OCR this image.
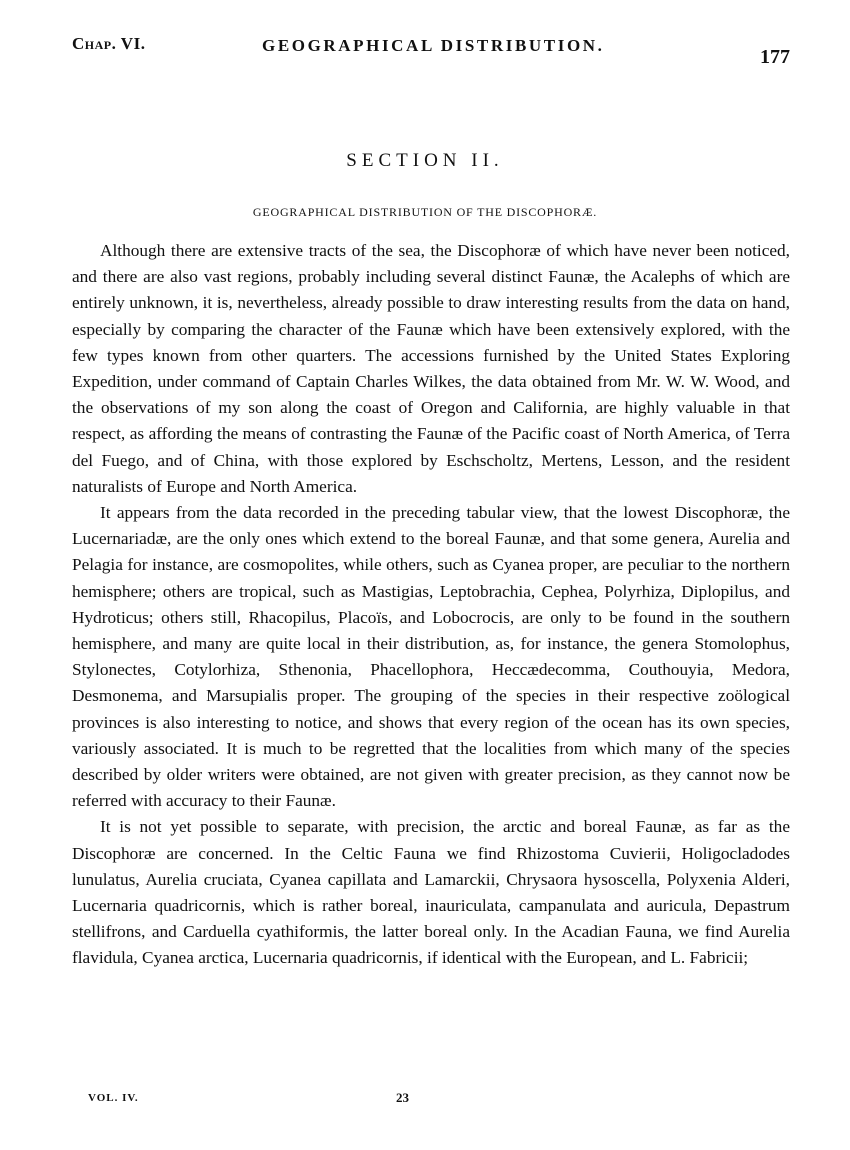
Chap. VI.	GEOGRAPHICAL DISTRIBUTION.
177
SECTION II.
GEOGRAPHICAL DISTRIBUTION OF THE DISCOPHORÆ.

Although there are extensive tracts of the sea, the Discophoræ of which have never been noticed, and there are also vast regions, probably including several distinct Faunæ, the Acalephs of which are entirely unknown, it is, nevertheless, already possible to draw interesting results from the data on hand, especially by comparing the character of the Faunæ which have been extensively explored, with the few types known from other quarters. The accessions furnished by the United States Exploring Expedition, under command of Captain Charles Wilkes, the data obtained from Mr. W. W. Wood, and the observations of my son along the coast of Oregon and California, are highly valuable in that respect, as affording the means of contrasting the Faunæ of the Pacific coast of North America, of Terra del Fuego, and of China, with those explored by Eschscholtz, Mertens, Lesson, and the resident naturalists of Europe and North America.

It appears from the data recorded in the preceding tabular view, that the lowest Discophoræ, the Lucernariadæ, are the only ones which extend to the boreal Faunæ, and that some genera, Aurelia and Pelagia for instance, are cosmopolites, while others, such as Cyanea proper, are peculiar to the northern hemisphere; others are tropical, such as Mastigias, Leptobrachia, Cephea, Polyrhiza, Diplopilus, and Hydroticus; others still, Rhacopilus, Placoïs, and Lobocrocis, are only to be found in the southern hemisphere, and many are quite local in their distribution, as, for instance, the genera Stomolophus, Stylonectes, Cotylorhiza, Sthenonia, Phacellophora, Heccædecomma, Couthouyia, Medora, Desmonema, and Marsupialis proper. The grouping of the species in their respective zoölogical provinces is also interesting to notice, and shows that every region of the ocean has its own species, variously associated. It is much to be regretted that the localities from which many of the species described by older writers were obtained, are not given with greater precision, as they cannot now be referred with accuracy to their Faunæ.

It is not yet possible to separate, with precision, the arctic and boreal Faunæ, as far as the Discophoræ are concerned. In the Celtic Fauna we find Rhizostoma Cuvierii, Holigocladodes lunulatus, Aurelia cruciata, Cyanea capillata and Lamarckii, Chrysaora hysoscella, Polyxenia Alderi, Lucernaria quadricornis, which is rather boreal, inauriculata, campanulata and auricula, Depastrum stellifrons, and Carduella cyathiformis, the latter boreal only. In the Acadian Fauna, we find Aurelia flavidula, Cyanea arctica, Lucernaria quadricornis, if identical with the European, and L. Fabricii;

VOL. IV.	23
